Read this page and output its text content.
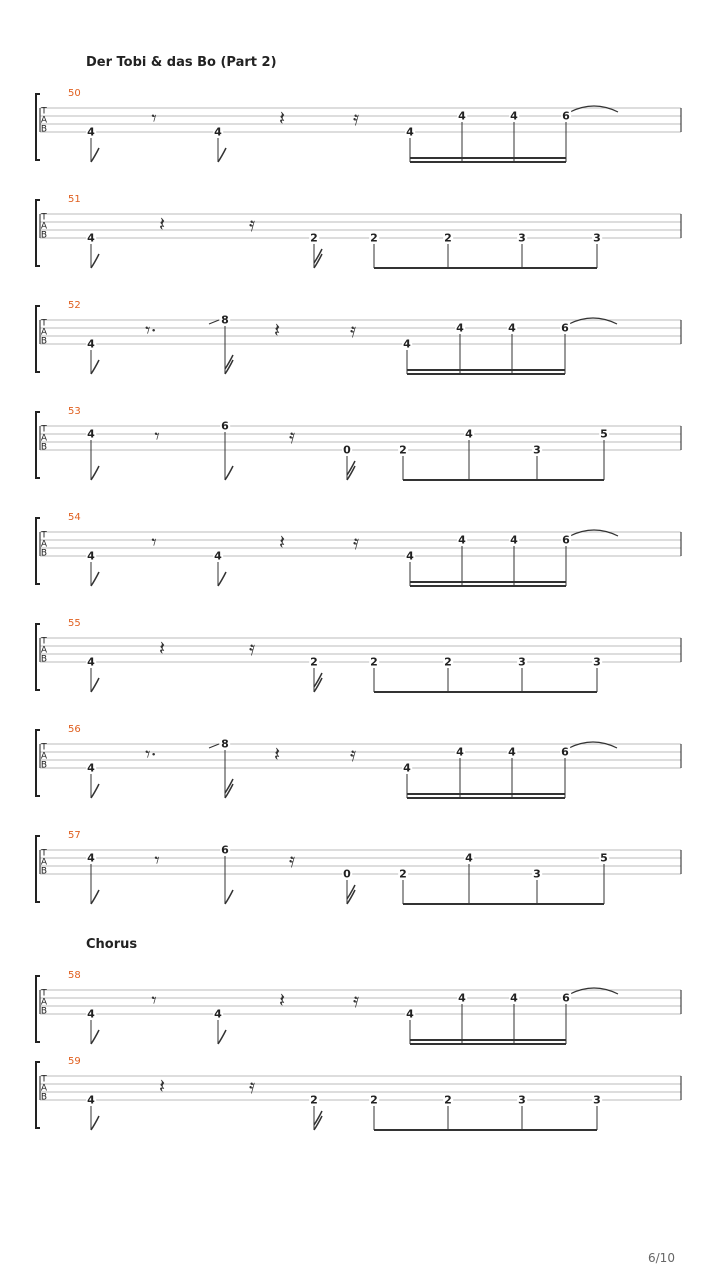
Der Tobi & das Bo (Part 2)
Chorus
50
T
A
B	4
𝄾
4
𝄽	𝄿
4
4	4	6
51
T
A
B	4
𝄽	𝄿
2	2	2	3	3
52
T
A
B	4
𝄾·	8 𝄽	𝄿
4
4	4	6
53
T
A
B
4	𝄾	6	𝄿
0	2
4
3
5
54
T
A
B	4
𝄾
4
𝄽	𝄿
4
4	4	6
55
T
A
B	4
𝄽	𝄿
2	2	2	3	3
56
T
A
B	4
𝄾·	8 𝄽	𝄿
4
4	4	6
57
T
A
B
4	𝄾	6	𝄿
0	2
4
3
5
58
T
A
B	4
𝄾
4
𝄽	𝄿
4
4	4	6
59
T
A
B	4
𝄽	𝄿
2	2	2	3	3
6/10
